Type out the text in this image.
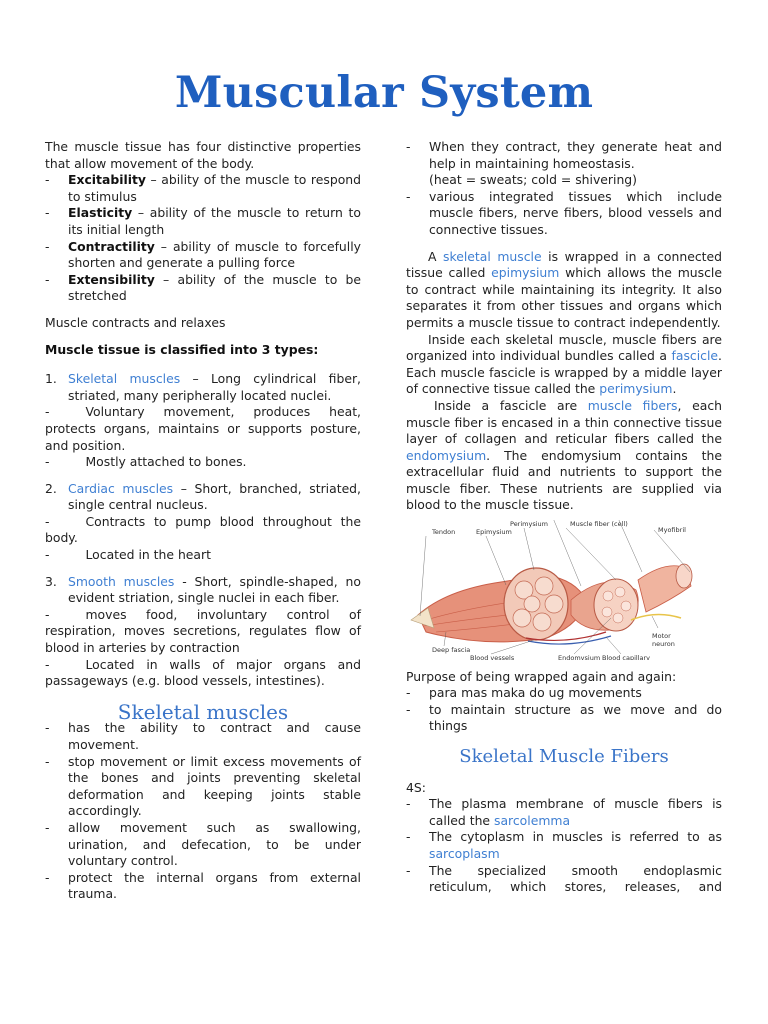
Muscular System

The muscle tissue has four distinctive properties that allow movement of the body.

-	Excitability – ability of the muscle to respond to stimulus
-	Elasticity – ability of the muscle to return to its initial length
-	Contractility – ability of muscle to forcefully shorten and generate a pulling force
-	Extensibility – ability of the muscle to be stretched

Muscle contracts and relaxes

Muscle tissue is classified into 3 types:

1. Skeletal muscles – Long cylindrical fiber, striated, many peripherally located nuclei.

-	Voluntary movement, produces heat, protects organs, maintains or supports posture, and position.

-	Mostly attached to bones.

2. Cardiac muscles – Short, branched, striated, single central nucleus.

-	Contracts to pump blood throughout the body.

-	Located in the heart

3. Smooth muscles - Short, spindle-shaped, no evident striation, single nuclei in each fiber.

-	moves food, involuntary control of respiration, moves secretions, regulates flow of blood in arteries by contraction

-	Located in walls of major organs and passageways (e.g. blood vessels, intestines).

Skeletal muscles
-	has the ability to contract and cause movement.
-	stop movement or limit excess movements of the bones and joints preventing skeletal deformation and keeping joints stable accordingly.
-	allow movement such as swallowing, urination, and defecation, to be under voluntary control.
-	protect the internal organs from external trauma.
-	When they contract, they generate heat and help in maintaining homeostasis.
(heat = sweats; cold = shivering)
-	various integrated tissues which include muscle fibers, nerve fibers, blood vessels and connective tissues.

A skeletal muscle is wrapped in a connected tissue called epimysium which allows the muscle to contract while maintaining its integrity. It also separates it from other tissues and organs which permits a muscle tissue to contract independently.

Inside each skeletal muscle, muscle fibers are organized into individual bundles called a fascicle. Each muscle fascicle is wrapped by a middle layer of connective tissue called the perimysium.

Inside a fascicle are muscle fibers, each muscle fiber is encased in a thin connective tissue layer of collagen and reticular fibers called the endomysium. The endomysium contains the extracellular fluid and nutrients to support the muscle fiber. These nutrients are supplied via blood to the muscle tissue.

Perimysium	Muscle fiber (cell)
Myofibril
Tendon	Epimysium
Motor
neuron
Deep fascia
Blood vessels	Endomysium Blood capillary

Purpose of being wrapped again and again:

-	para mas maka do ug movements
-	to maintain structure as we move and do things
Skeletal Muscle Fibers

4S:

-	The plasma membrane of muscle fibers is called the sarcolemma
-	The cytoplasm in muscles is referred to as sarcoplasm
-	The specialized smooth endoplasmic reticulum, which stores, releases, and
